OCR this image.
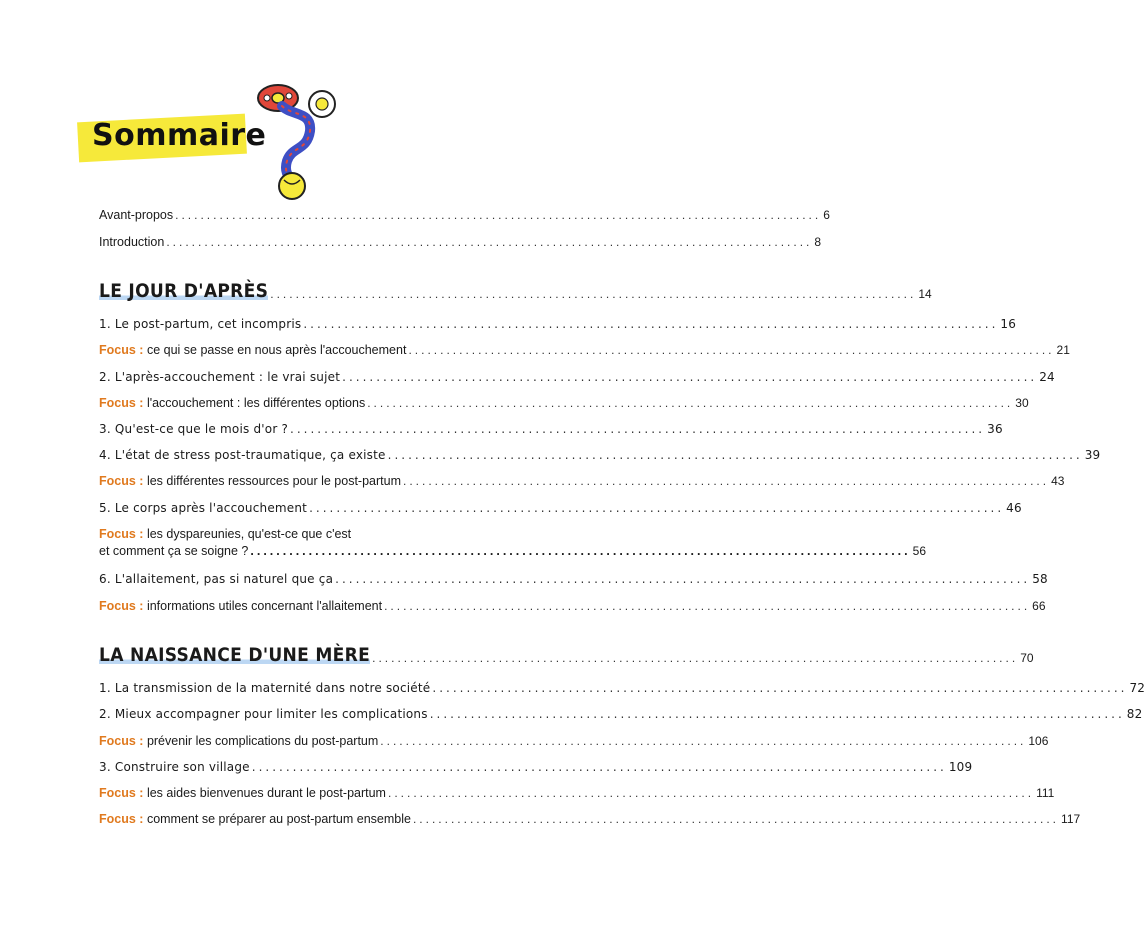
Sommaire
Avant-propos ...................................................................................................... 6
Introduction ...................................................................................................... 8
LE JOUR D'APRÈS ...................................................................................................... 14
1. Le post-partum, cet incompris ...................................................................................................... 16
Focus : ce qui se passe en nous après l'accouchement ...................................................................................................... 21
2. L'après-accouchement : le vrai sujet ...................................................................................................... 24
Focus : l'accouchement : les différentes options ...................................................................................................... 30
3. Qu'est-ce que le mois d'or ? ...................................................................................................... 36
4. L'état de stress post-traumatique, ça existe ...................................................................................................... 39
Focus : les différentes ressources pour le post-partum ...................................................................................................... 43
5. Le corps après l'accouchement ...................................................................................................... 46
Focus : les dyspareunies, qu'est-ce que c'est
et comment ça se soigne ? ...................................................................................................... 56
6. L'allaitement, pas si naturel que ça ...................................................................................................... 58
Focus : informations utiles concernant l'allaitement ...................................................................................................... 66
LA NAISSANCE D'UNE MÈRE ...................................................................................................... 70
1. La transmission de la maternité dans notre société ...................................................................................................... 72
2. Mieux accompagner pour limiter les complications ...................................................................................................... 82
Focus : prévenir les complications du post-partum ...................................................................................................... 106
3. Construire son village ...................................................................................................... 109
Focus : les aides bienvenues durant le post-partum ...................................................................................................... 111
Focus : comment se préparer au post-partum ensemble ...................................................................................................... 117
